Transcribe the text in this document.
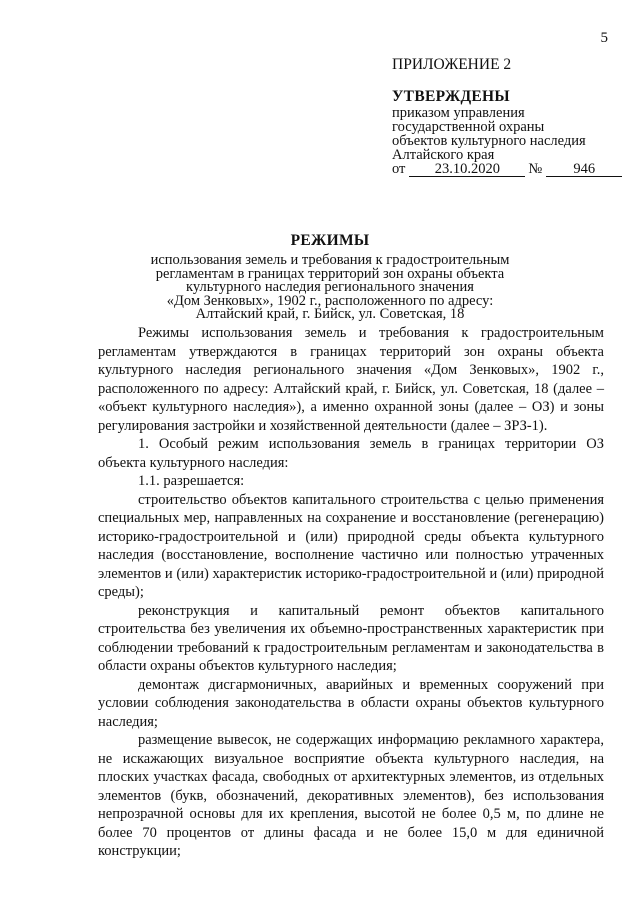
5
ПРИЛОЖЕНИЕ 2
УТВЕРЖДЕНЫ
приказом управления
государственной охраны
объектов культурного наследия
Алтайского края
от	23.10.2020	№	946
РЕЖИМЫ
использования земель и требования к градостроительным
регламентам в границах территорий зон охраны объекта
культурного наследия регионального значения
«Дом Зенковых», 1902 г., расположенного по адресу:
Алтайский край, г. Бийск, ул. Советская, 18

Режимы использования земель и требования к градостроительным регламентам утверждаются в границах территорий зон охраны объекта культурного наследия регионального значения «Дом Зенковых», 1902 г., расположенного по адресу: Алтайский край, г. Бийск, ул. Советская, 18 (далее – «объект культурного наследия»), а именно охранной зоны (далее – ОЗ) и зоны регулирования застройки и хозяйственной деятельности (далее – ЗРЗ-1).

1. Особый режим использования земель в границах территории ОЗ объекта культурного наследия:

1.1. разрешается:

строительство объектов капитального строительства с целью применения специальных мер, направленных на сохранение и восстановление (регенерацию) историко-градостроительной и (или) природной среды объекта культурного наследия (восстановление, восполнение частично или полностью утраченных элементов и (или) характеристик историко-градостроительной и (или) природной среды);

реконструкция и капитальный ремонт объектов капитального строительства без увеличения их объемно-пространственных характеристик при соблюдении требований к градостроительным регламентам и законодательства в области охраны объектов культурного наследия;

демонтаж дисгармоничных, аварийных и временных сооружений при условии соблюдения законодательства в области охраны объектов культурного наследия;

размещение вывесок, не содержащих информацию рекламного характера, не искажающих визуальное восприятие объекта культурного наследия, на плоских участках фасада, свободных от архитектурных элементов, из отдельных элементов (букв, обозначений, декоративных элементов), без использования непрозрачной основы для их крепления, высотой не более 0,5 м, по длине не более 70 процентов от длины фасада и не более 15,0 м для единичной конструкции;
